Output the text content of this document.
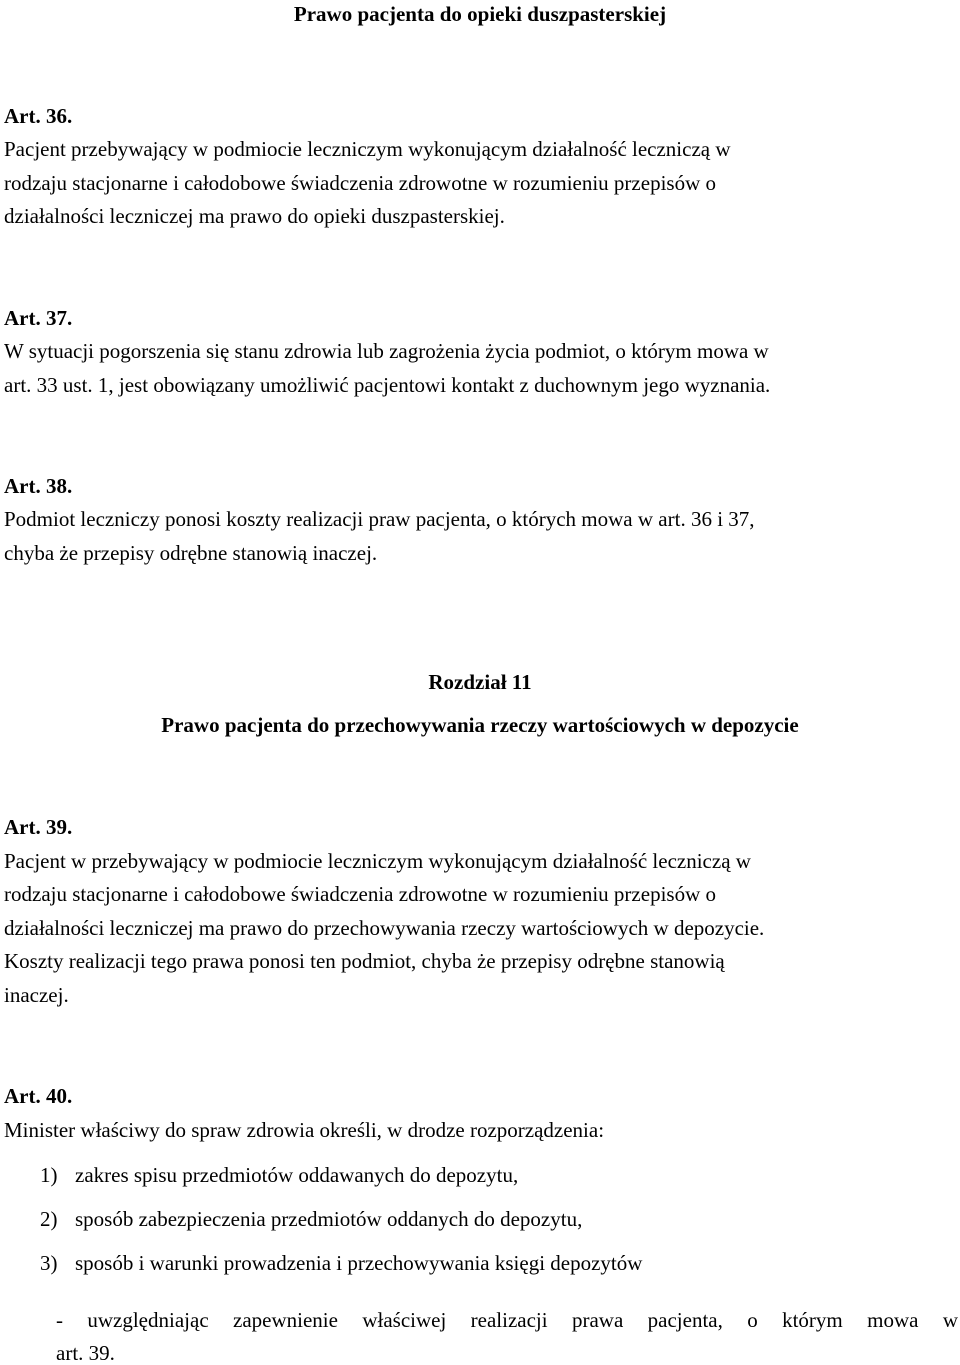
Prawo pacjenta do opieki duszpasterskiej
Art. 36.
Pacjent przebywający w podmiocie leczniczym wykonującym działalność leczniczą w
rodzaju stacjonarne i całodobowe świadczenia zdrowotne w rozumieniu przepisów o
działalności leczniczej ma prawo do opieki duszpasterskiej.
Art. 37.
W sytuacji pogorszenia się stanu zdrowia lub zagrożenia życia podmiot, o którym mowa w
art. 33 ust. 1, jest obowiązany umożliwić pacjentowi kontakt z duchownym jego wyznania.
Art. 38.
Podmiot leczniczy ponosi koszty realizacji praw pacjenta, o których mowa w art. 36 i 37,
chyba że przepisy odrębne stanowią inaczej.
Rozdział 11
Prawo pacjenta do przechowywania rzeczy wartościowych w depozycie
Art. 39.
Pacjent w przebywający w podmiocie leczniczym wykonującym działalność leczniczą w
rodzaju stacjonarne i całodobowe świadczenia zdrowotne w rozumieniu przepisów o
działalności leczniczej ma prawo do przechowywania rzeczy wartościowych w depozycie.
Koszty realizacji tego prawa ponosi ten podmiot, chyba że przepisy odrębne stanowią
inaczej.
Art. 40.
Minister właściwy do spraw zdrowia określi, w drodze rozporządzenia:
1) zakres spisu przedmiotów oddawanych do depozytu,
2) sposób zabezpieczenia przedmiotów oddanych do depozytu,
3) sposób i warunki prowadzenia i przechowywania księgi depozytów
- uwzględniając zapewnienie właściwej realizacji prawa pacjenta, o którym mowa w
art. 39.
